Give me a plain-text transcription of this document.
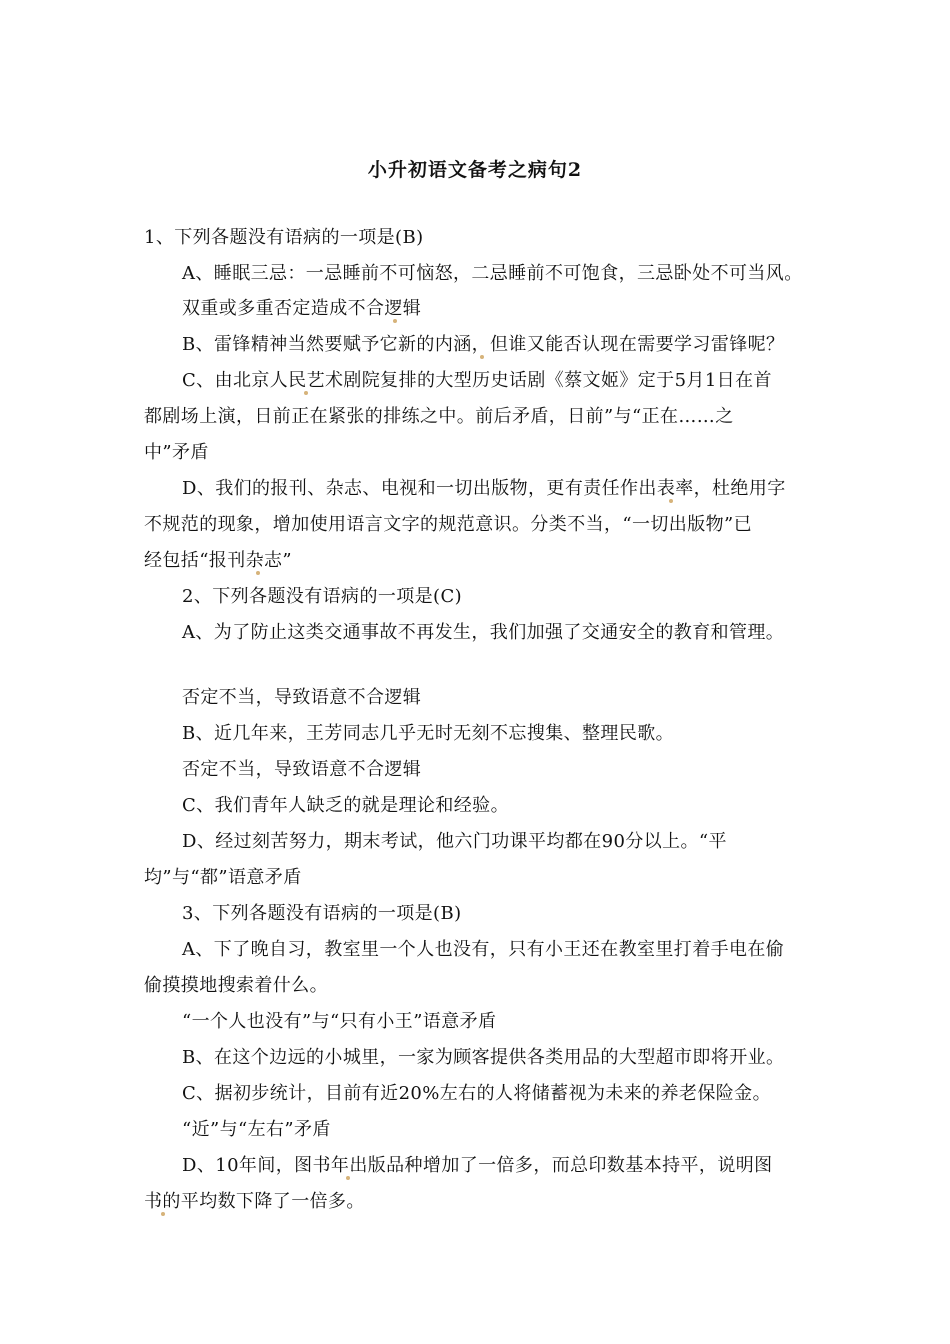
小升初语文备考之病句2
1、下列各题没有语病的一项是(B)
A、睡眠三忌：一忌睡前不可恼怒，二忌睡前不可饱食，三忌卧处不可当风。
双重或多重否定造成不合逻辑
B、雷锋精神当然要赋予它新的内涵，但谁又能否认现在需要学习雷锋呢？
C、由北京人民艺术剧院复排的大型历史话剧《蔡文姬》定于5月1日在首
都剧场上演，日前正在紧张的排练之中。前后矛盾，日前”与“正在……之
中”矛盾
D、我们的报刊、杂志、电视和一切出版物，更有责任作出表率，杜绝用字
不规范的现象，增加使用语言文字的规范意识。分类不当，“一切出版物”已
经包括“报刊杂志”
2、下列各题没有语病的一项是(C)
A、为了防止这类交通事故不再发生，我们加强了交通安全的教育和管理。
否定不当，导致语意不合逻辑
B、近几年来，王芳同志几乎无时无刻不忘搜集、整理民歌。
否定不当，导致语意不合逻辑
C、我们青年人缺乏的就是理论和经验。
D、经过刻苦努力，期末考试，他六门功课平均都在90分以上。“平
均”与“都”语意矛盾
3、下列各题没有语病的一项是(B)
A、下了晚自习，教室里一个人也没有，只有小王还在教室里打着手电在偷
偷摸摸地搜索着什么。
“一个人也没有”与“只有小王”语意矛盾
B、在这个边远的小城里，一家为顾客提供各类用品的大型超市即将开业。
C、据初步统计，目前有近20%左右的人将储蓄视为未来的养老保险金。
“近”与“左右”矛盾
D、10年间，图书年出版品种增加了一倍多，而总印数基本持平，说明图
书的平均数下降了一倍多。
